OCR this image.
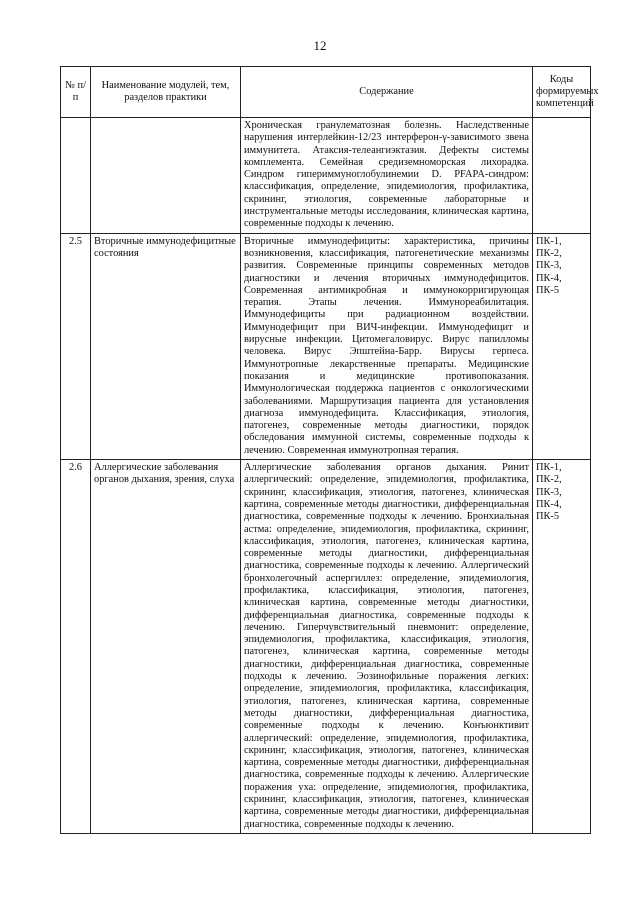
12
№ п/п	Наименование модулей, тем, разделов практики	Содержание	Коды формируемых компетенций
		Хроническая гранулематозная болезнь. Наследственные нарушения интерлейкин-12/23 интерферон-γ-зависимого звена иммунитета. Атаксия-телеангиэктазия. Дефекты системы комплемента. Семейная средиземноморская лихорадка. Синдром гипериммуноглобулинемии D. PFAPA-синдром: классификация, определение, эпидемиология, профилактика, скрининг, этиология, современные лабораторные и инструментальные методы исследования, клиническая картина, современные подходы к лечению.	
2.5	Вторичные иммунодефицитные состояния	Вторичные иммунодефициты: характеристика, причины возникновения, классификация, патогенетические механизмы развития. Современные принципы современных методов диагностики и лечения вторичных иммунодефицитов. Современная антимикробная и иммунокорригирующая терапия. Этапы лечения. Иммунореабилитация. Иммунодефициты при радиационном воздействии. Иммунодефицит при ВИЧ-инфекции. Иммунодефицит и вирусные инфекции. Цитомегаловирус. Вирус папилломы человека. Вирус Эпштейна-Барр. Вирусы герпеса. Иммунотропные лекарственные препараты. Медицинские показания и медицинские противопоказания. Иммунологическая поддержка пациентов с онкологическими заболеваниями. Маршрутизация пациента для установления диагноза иммунодефицита. Классификация, этиология, патогенез, современные методы диагностики, порядок обследования иммунной системы, современные подходы к лечению. Современная иммунотропная терапия.	ПК-1, ПК-2, ПК-3, ПК-4, ПК-5
2.6	Аллергические заболевания органов дыхания, зрения, слуха	Аллергические заболевания органов дыхания. Ринит аллергический: определение, эпидемиология, профилактика, скрининг, классификация, этиология, патогенез, клиническая картина, современные методы диагностики, дифференциальная диагностика, современные подходы к лечению. Бронхиальная астма: определение, эпидемиология, профилактика, скрининг, классификация, этиология, патогенез, клиническая картина, современные методы диагностики, дифференциальная диагностика, современные подходы к лечению. Аллергический бронхолегочный аспергиллез: определение, эпидемиология, профилактика, классификация, этиология, патогенез, клиническая картина, современные методы диагностики, дифференциальная диагностика, современные подходы к лечению. Гиперчувствительный пневмонит: определение, эпидемиология, профилактика, классификация, этиология, патогенез, клиническая картина, современные методы диагностики, дифференциальная диагностика, современные подходы к лечению. Эозинофильные поражения легких: определение, эпидемиология, профилактика, классификация, этиология, патогенез, клиническая картина, современные методы диагностики, дифференциальная диагностика, современные подходы к лечению. Конъюнктивит аллергический: определение, эпидемиология, профилактика, скрининг, классификация, этиология, патогенез, клиническая картина, современные методы диагностики, дифференциальная диагностика, современные подходы к лечению. Аллергические поражения уха: определение, эпидемиология, профилактика, скрининг, классификация, этиология, патогенез, клиническая картина, современные методы диагностики, дифференциальная диагностика, современные подходы к лечению.	ПК-1, ПК-2, ПК-3, ПК-4, ПК-5
